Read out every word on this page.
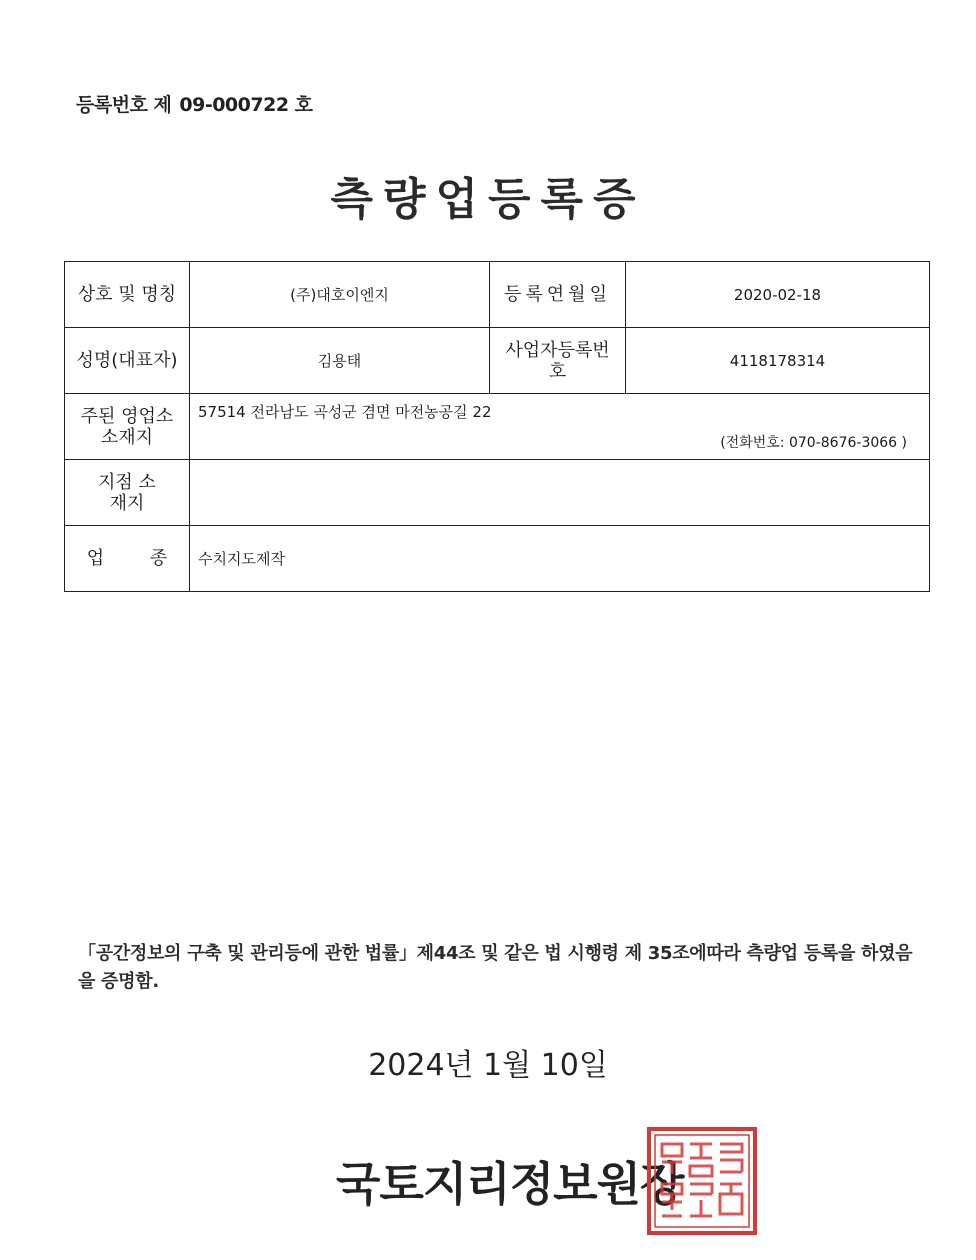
등록번호 제 09-000722 호
측량업등록증
상호 및 명칭	(주)대호이엔지	등록연월일	2020-02-18
성명(대표자)	김용태	사업자등록번호	4118178314
주된 영업소 소재지	57514 전라남도 곡성군 겸면 마전농공길 22
(전화번호: 070-8676-3066 )		

지점 소재지			
업 종	수치지도제작		
「공간정보의 구축 및 관리등에 관한 법률」제44조 및 같은 법 시행령 제 35조에따라 측량업 등록을 하였음을 증명함.
2024년 1월 10일
국토지리정보원장
